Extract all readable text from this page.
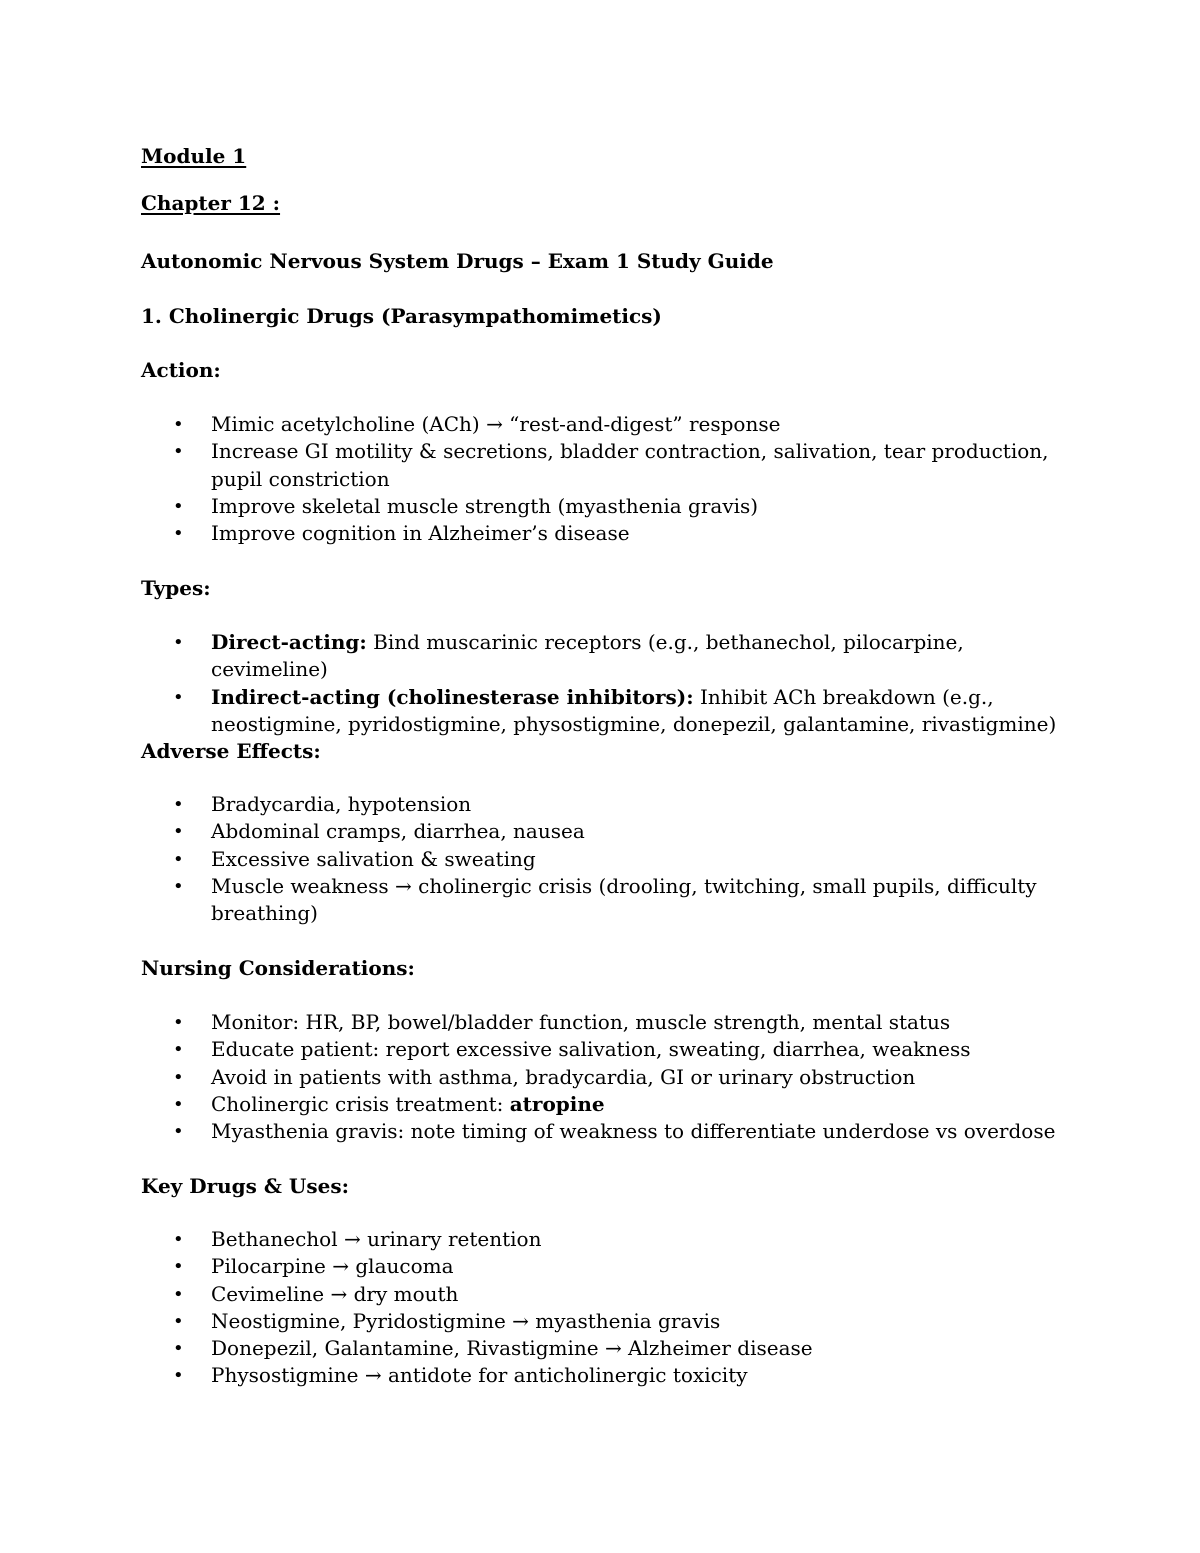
Module 1
Chapter 12 :
Autonomic Nervous System Drugs – Exam 1 Study Guide
1. Cholinergic Drugs (Parasympathomimetics)
Action:
• Mimic acetylcholine (ACh) → “rest-and-digest” response
• Increase GI motility & secretions, bladder contraction, salivation, tear production, pupil constriction
• Improve skeletal muscle strength (myasthenia gravis)
• Improve cognition in Alzheimer’s disease
Types:
• Direct-acting: Bind muscarinic receptors (e.g., bethanechol, pilocarpine, cevimeline)
• Indirect-acting (cholinesterase inhibitors): Inhibit ACh breakdown (e.g., neostigmine, pyridostigmine, physostigmine, donepezil, galantamine, rivastigmine)
Adverse Effects:
• Bradycardia, hypotension
• Abdominal cramps, diarrhea, nausea
• Excessive salivation & sweating
• Muscle weakness → cholinergic crisis (drooling, twitching, small pupils, difficulty breathing)
Nursing Considerations:
• Monitor: HR, BP, bowel/bladder function, muscle strength, mental status
• Educate patient: report excessive salivation, sweating, diarrhea, weakness
• Avoid in patients with asthma, bradycardia, GI or urinary obstruction
• Cholinergic crisis treatment: atropine
• Myasthenia gravis: note timing of weakness to differentiate underdose vs overdose
Key Drugs & Uses:
• Bethanechol → urinary retention
• Pilocarpine → glaucoma
• Cevimeline → dry mouth
• Neostigmine, Pyridostigmine → myasthenia gravis
• Donepezil, Galantamine, Rivastigmine → Alzheimer disease
• Physostigmine → antidote for anticholinergic toxicity
